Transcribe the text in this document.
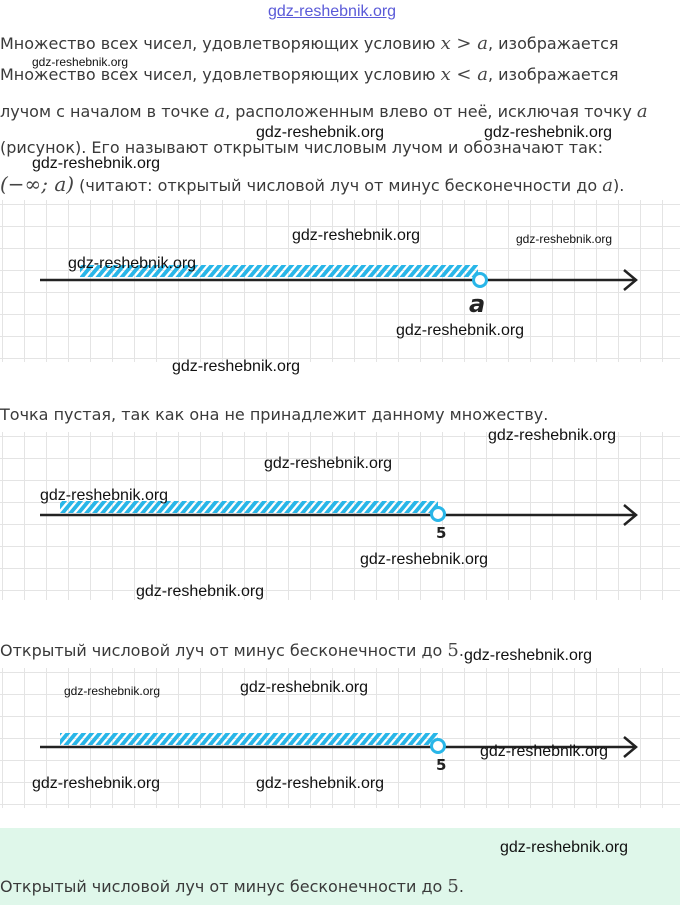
gdz-reshebnik.org
Множество всех чисел, удовлетворяющих условию x > a, изображается
gdz-reshebnik.org
Множество всех чисел, удовлетворяющих условию x < a, изображается
лучом с началом в точке a, расположенным влево от неё, исключая точку a
gdz-reshebnik.org	gdz-reshebnik.org
(рисунок). Его называют открытым числовым лучом и обозначают так:
gdz-reshebnik.org
(−∞; a) (читают: открытый числовой луч от минус бесконечности до a).
a
gdz-reshebnik.org	gdz-reshebnik.org
gdz-reshebnik.org
gdz-reshebnik.org
gdz-reshebnik.org
Точка пустая, так как она не принадлежит данному множеству.
5
gdz-reshebnik.org
gdz-reshebnik.org
gdz-reshebnik.org
gdz-reshebnik.org
gdz-reshebnik.org
Открытый числовой луч от минус бесконечности до 5. gdz-reshebnik.org
5
gdz-reshebnik.org	gdz-reshebnik.org
gdz-reshebnik.org
gdz-reshebnik.org	gdz-reshebnik.org
gdz-reshebnik.org
Открытый числовой луч от минус бесконечности до 5.
